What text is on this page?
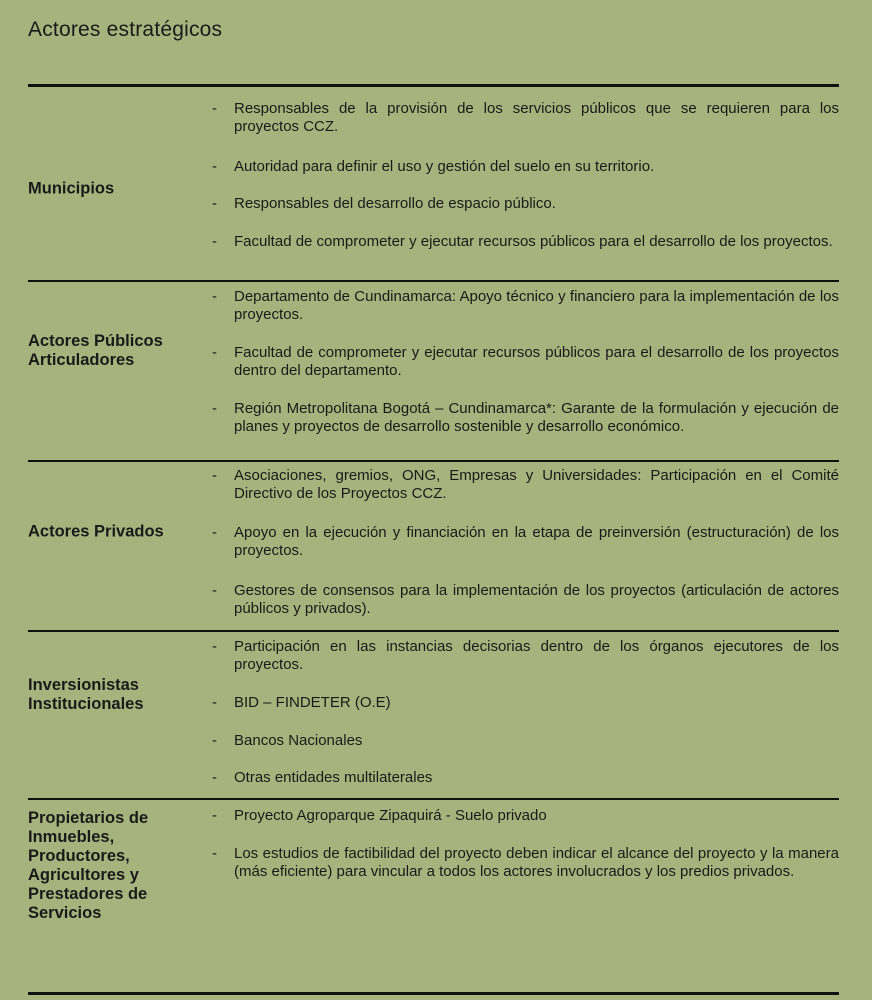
Actores estratégicos
Municipios
- Responsables de la provisión de los servicios públicos que se requieren para los proyectos CCZ.
- Autoridad para definir el uso y gestión del suelo en su territorio.
- Responsables del desarrollo de espacio público.
- Facultad de comprometer y ejecutar recursos públicos para el desarrollo de los proyectos.
Actores Públicos Articuladores
- Departamento de Cundinamarca: Apoyo técnico y financiero para la implementación de los proyectos.
- Facultad de comprometer y ejecutar recursos públicos para el desarrollo de los proyectos dentro del departamento.
- Región Metropolitana Bogotá – Cundinamarca*: Garante de la formulación y ejecución de planes y proyectos de desarrollo sostenible y desarrollo económico.
Actores Privados
- Asociaciones, gremios, ONG, Empresas y Universidades: Participación en el Comité Directivo de los Proyectos CCZ.
- Apoyo en la ejecución y financiación en la etapa de preinversión (estructuración) de los proyectos.
- Gestores de consensos para la implementación de los proyectos (articulación de actores públicos y privados).
Inversionistas Institucionales
- Participación en las instancias decisorias dentro de los órganos ejecutores de los proyectos.
- BID – FINDETER (O.E)
- Bancos Nacionales
- Otras entidades multilaterales
Propietarios de Inmuebles, Productores, Agricultores y Prestadores de Servicios
- Proyecto Agroparque Zipaquirá - Suelo privado
- Los estudios de factibilidad del proyecto deben indicar el alcance del proyecto y la manera (más eficiente) para vincular a todos los actores involucrados y los predios privados.
